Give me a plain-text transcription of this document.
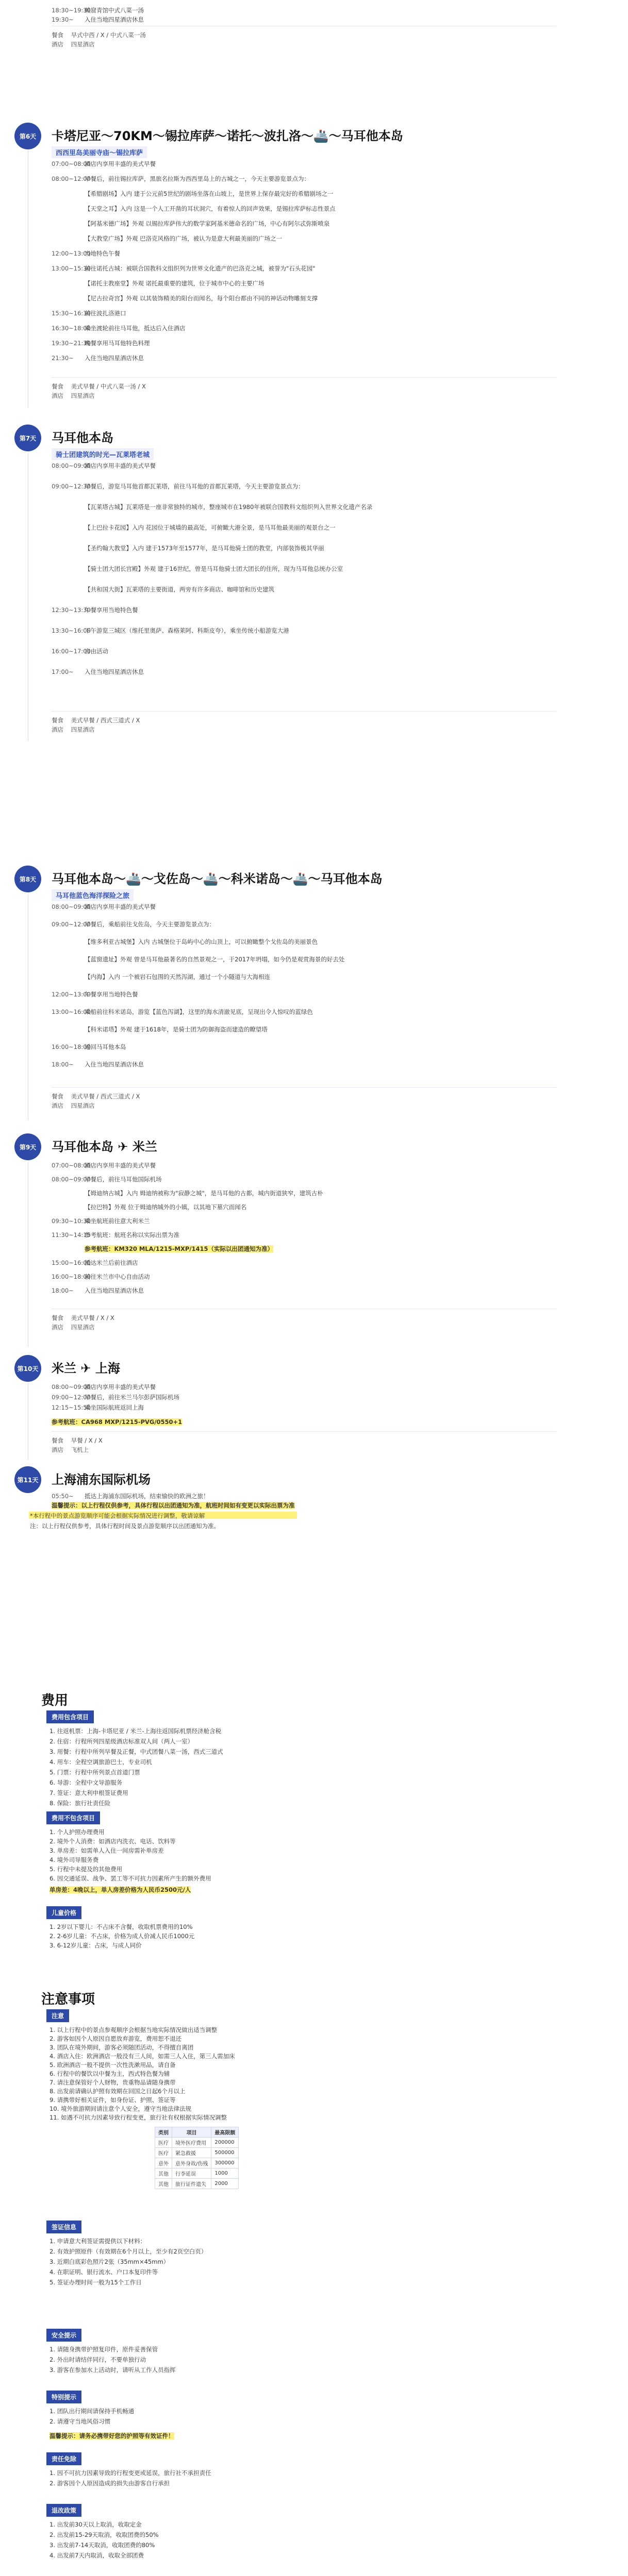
18:30~19:30赖窟青馆中式八菜一汤
19:30~ 入住当地四星酒店休息
餐食 早式中西 / X / 中式八菜一汤
酒店 四星酒店
第6天 卡塔尼亚～70KM～锡拉库萨～诺托～波扎洛～🚢～马耳他本岛
西西里岛美丽寺庙～锡拉库萨
07:00~08:00酒店内享用丰盛的美式早餐
08:00~12:00早餐后，前往锡拉库萨，黑旅名拉斯为西西里岛上的古城之一，今天主要游览景点为：
【希腊剧场】入内 建于公元前5世纪的剧场坐落在山坡上，是世界上保存最完好的希腊剧场之一
【天堂之耳】入内 这是一个人工开凿的耳状洞穴，有着惊人的回声效果，是锡拉库萨标志性景点
【阿基米德广场】外观 以锡拉库萨伟大的数学家阿基米德命名的广场，中心有阿尔忒弥斯喷泉
【大教堂广场】外观 巴洛克风格的广场，被认为是意大利最美丽的广场之一
12:00~13:00当地特色午餐
13:00~15:30前往诺托古城：被联合国教科文组织列为世界文化遗产的巴洛克之城，被誉为"石头花园"
【诺托主教座堂】外观 诺托最重要的建筑，位于城市中心的主要广场
【尼古拉奇宫】外观 以其装饰精美的阳台而闻名，每个阳台都由不同的神话动物雕刻支撑
15:30~16:30前往波扎洛港口
16:30~18:00乘坐渡轮前往马耳他，抵达后入住酒店
19:30~21:30晚餐享用马耳他特色料理
21:30~ 入住当地四星酒店休息
餐食 美式早餐 / 中式八菜一汤 / X
酒店 四星酒店
第7天 马耳他本岛
骑士团建筑的时光—瓦莱塔老城
08:00~09:00酒店内享用丰盛的美式早餐
09:00~12:30早餐后，游览马耳他首都瓦莱塔，前往马耳他的首都瓦莱塔，今天主要游览景点为：
【瓦莱塔古城】瓦莱塔是一座非常独特的城市，整座城市在1980年被联合国教科文组织列入世界文化遗产名录
【上巴拉卡花园】入内 花园位于城墙的最高处，可俯瞰大港全景，是马耳他最美丽的观景台之一
【圣约翰大教堂】入内 建于1573年至1577年，是马耳他骑士团的教堂，内部装饰极其华丽
【骑士团大团长宫殿】外观 建于16世纪，曾是马耳他骑士团大团长的住所，现为马耳他总统办公室
【共和国大街】瓦莱塔的主要街道，两旁有许多商店、咖啡馆和历史建筑
12:30~13:30午餐享用当地特色餐
13:30~16:00下午游览三城区（维托里奥萨、森格莱阿、科斯皮夸），乘坐传统小船游览大港
16:00~17:00自由活动
17:00~ 入住当地四星酒店休息
餐食 美式早餐 / 西式三道式 / X
酒店 四星酒店
第8天 马耳他本岛～🚢～戈佐岛～🚢～科米诺岛～🚢～马耳他本岛
马耳他蓝色海洋探险之旅
08:00~09:00酒店内享用丰盛的美式早餐
09:00~12:00早餐后，乘船前往戈佐岛，今天主要游览景点为：
【维多利亚古城堡】入内 古城堡位于岛屿中心的山顶上，可以俯瞰整个戈佐岛的美丽景色
【蓝窗遗址】外观 曾是马耳他最著名的自然景观之一，于2017年坍塌，如今仍是观赏海景的好去处
【内海】入内 一个被岩石包围的天然泻湖，通过一个小隧道与大海相连
12:00~13:00午餐享用当地特色餐
13:00~16:00乘船前往科米诺岛，游览【蓝色泻湖】，这里的海水清澈见底，呈现出令人惊叹的蓝绿色
【科米诺塔】外观 建于1618年，是骑士团为防御海盗而建造的瞭望塔
16:00~18:00返回马耳他本岛
18:00~ 入住当地四星酒店休息
餐食 美式早餐 / 西式三道式 / X
酒店 四星酒店
第9天 马耳他本岛 ✈ 米兰
07:00~08:00酒店内享用丰盛的美式早餐
08:00~09:00早餐后，前往马耳他国际机场
【姆迪纳古城】入内 姆迪纳被称为"寂静之城"，是马耳他的古都，城内街道狭窄，建筑古朴
【拉巴特】外观 位于姆迪纳城外的小镇，以其地下墓穴而闻名
09:30~10:30乘坐航班前往意大利米兰
11:30~14:15参考航班：航班名称以实际出票为准
参考航班：KM320 MLA/1215-MXP/1415（实际以出团通知为准）
15:00~16:00抵达米兰后前往酒店
16:00~18:00前往米兰市中心自由活动
18:00~ 入住当地四星酒店休息
餐食 美式早餐 / X / X
酒店 四星酒店
第10天 米兰 ✈ 上海
08:00~09:00酒店内享用丰盛的美式早餐
09:00~12:00早餐后，前往米兰马尔彭萨国际机场
12:15~15:50乘坐国际航班返回上海
参考航班：CA968 MXP/1215-PVG/0550+1
餐食 早餐 / X / X
酒店 飞机上
第11天 上海浦东国际机场
05:50~ 抵达上海浦东国际机场，结束愉快的欧洲之旅！
温馨提示：以上行程仅供参考，具体行程以出团通知为准，航班时间如有变更以实际出票为准
*本行程中的景点游览顺序可能会根据实际情况进行调整，敬请谅解
注：以上行程仅供参考，具体行程时间及景点游览顺序以出团通知为准。
费用
费用包含项目
1. 往返机票：上海-卡塔尼亚 / 米兰-上海往返国际机票经济舱含税
2. 住宿：行程所列四星级酒店标准双人间（两人一室）
3. 用餐：行程中所列早餐及正餐，中式团餐八菜一汤，西式三道式
4. 用车：全程空调旅游巴士，专业司机
5. 门票：行程中所列景点首道门票
6. 导游：全程中文导游服务
7. 签证：意大利申根签证费用
8. 保险：旅行社责任险
费用不包含项目
1. 个人护照办理费用
2. 境外个人消费：如酒店内洗衣、电话、饮料等
3. 单房差：如需单人入住一间房需补单房差
4. 境外司导服务费
5. 行程中未提及的其他费用
6. 因交通延误、战争、罢工等不可抗力因素所产生的额外费用
单房差：4晚以上，单人房差价格为人民币2500元/人
儿童价格
1. 2岁以下婴儿：不占床不含餐，收取机票费用的10%
2. 2-6岁儿童：不占床，价格为成人价减人民币1000元
3. 6-12岁儿童：占床，与成人同价
注意事项
注意
1. 以上行程中的景点参观顺序会根据当地实际情况做出适当调整
2. 游客如因个人原因自愿放弃游览，费用恕不退还
3. 团队在境外期间，游客必须随团活动，不得擅自离团
4. 酒店入住：欧洲酒店一般没有三人间，如需三人入住，第三人需加床
5. 欧洲酒店一般不提供一次性洗漱用品，请自备
6. 行程中的餐饮以中餐为主，西式特色餐为辅
7. 请注意保管好个人财物，贵重物品请随身携带
8. 出发前请确认护照有效期在回国之日起6个月以上
9. 请携带好相关证件，如身份证、护照、签证等
10. 境外旅游期间请注意个人安全，遵守当地法律法规
11. 如遇不可抗力因素导致行程变更，旅行社有权根据实际情况调整
类别	项目	最高限额
医疗	境外医疗费用	200000
医疗	紧急救援	500000
意外	意外身故/伤残	300000
其他	行李延误	1000
其他	旅行证件遗失	2000
签证信息
1. 申请意大利签证需提供以下材料：
2. 有效护照原件（有效期在6个月以上，至少有2页空白页）
3. 近期白底彩色照片2张（35mm×45mm）
4. 在职证明、银行流水、户口本复印件等
5. 签证办理时间一般为15个工作日
安全提示
1. 请随身携带护照复印件，原件妥善保管
2. 外出时请结伴同行，不要单独行动
3. 游客在参加水上活动时，请听从工作人员指挥
特别提示
1. 团队出行期间请保持手机畅通
2. 请遵守当地风俗习惯
温馨提示：请务必携带好您的护照等有效证件！
责任免除
1. 因不可抗力因素导致的行程变更或延误，旅行社不承担责任
2. 游客因个人原因造成的损失由游客自行承担
退改政策
1. 出发前30天以上取消，收取定金
2. 出发前15-29天取消，收取团费的50%
3. 出发前7-14天取消，收取团费的80%
4. 出发前7天内取消，收取全部团费
